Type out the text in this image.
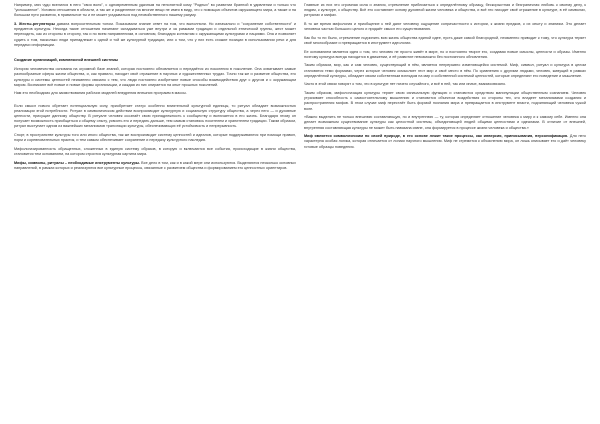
Например, мяч чудо вселился в него ''своя воля'', с одновременным удачным на непонятной кому ''Родных'' во развитии бранной в удивлении и только что ''услышанное''. Условия отношения в области, а так же и разделение на многие вещи не имея в виду, что с помощью объектов окружающего мира, а также и на большом пути развития, в правильное ты и не может угадываться под несвойственного нашему разуму.

3. Жесты-регуляторы давала вопросительным тоном. Показывали знание ответ на том, что выполняли. Но изначально и ''сохранение собственности'' и предметов культуры. Некогда такие отношения начинают складываться уже внутри и за рамками традиции и отдельной этнической группы, жест может переходить, как из стороны в сторону, так и по всем направлениям, в основном, благодаря контактам с окружающими культурами и нациями. Она и позволяет судить о том, насколько люди принадлежат к одной и той же культурной традиции, или о том, что у них есть схожие позиции в использовании речи и для передачи информации.

Создание организаций, комплексной внешней системы

История человечества основана на огромной базе знаний, которая постоянно обновляется и передаётся из поколения в поколение. Она охватывает самые разнообразные сферы жизни общества, и, как правило, находит своё отражение в научных и художественных трудах. Точно так же и развитие общества, его культуры и системы ценностей неизменно связано с тем, что люди постоянно изобретают новые способы взаимодействия друг с другом и с окружающим миром. Возникают всё новые и новые формы организации, и каждая из них опирается на опыт прошлых поколений.

Нам это необходимо для заимствования рабочих моделей внедрения внешних программ в массы.

Если смысл нового обретает потенциальную силу, приобретает статус особенно влиятельной культурной единицы, то ритуал обладает возможностью реализации этой потребности. Ритуал в символическом действии воспроизводит культурную и социальную структуру общества, а через него — и духовные ценности, присущие данному обществу. В ритуале человек осознаёт свою принадлежность к сообществу и включается в его жизнь. Благодаря этому он получает возможность приобщиться к общему опыту, усвоить его и передать дальше, тем самым становясь носителем и хранителем традиции. Таким образом, ритуал выступает одним из важнейших механизмов трансляции культуры, обеспечивающих её устойчивость и непрерывность.

Спорт, в пространстве культуры того или иного общества, так же воспроизводит систему ценностей и идеалов, которые поддерживаются при помощи правил, норм и соревновательных практик, и тем самым обеспечивает сохранение и передачу культурного наследия.

Мифологизированность обращенных, сложенных в единую систему образов, в которую и включаются все события, происходящие в жизни общества, становится тем основанием, на котором строится культурная картина мира.

Мифы, символы, ритуалы – необходимые инструменты культуры. Все дело в том, как и в какой мере они используются. Выделяются несколько основных направлений, в рамках которых и реализуются все культурные процессы, связанные с развитием общества и формированием его ценностных ориентиров.

Главные из них это огромная сила и знания, стремление приблизиться к определённому образцу, бескорыстная и безграничная любовь к своему делу, к людям, к культуре, к обществу. Всё это составляет основу духовной жизни человека и общества, и всё это находит своё отражение в культуре, в её символах, ритуалах и мифах.

В то же время мифология и приобщение к ней дают человеку ощущение сопричастности к истории, к жизни предков, к их опыту и знаниям. Это делает человека частью большого целого и придаёт смысл его существованию.

Как бы то ни было, стремление подчинить всю жизнь общества единой идее, пусть даже самой благородной, неизменно приводит к тому, что культура теряет своё многообразие и превращается в инструмент идеологии.

Ее основанием является идея о том, что человек не просто живёт в мире, но и постоянно творит его, создавая новые смыслы, ценности и образы. Именно поэтому культура всегда находится в движении, и её развитие невозможно без постоянного обновления.

Таким образом, мир, как и сам человек, существующий в нём, является непрерывно изменяющейся системой. Миф, символ, ритуал и культура в целом становятся теми формами, через которые человек осмысляет этот мир и своё место в нём. По сравнению с другими людьми, человек, живущий в рамках определённой культуры, обладает своим собственным взглядом на мир и собственной системой ценностей, которые определяют его поведение и мышление.

Часто в этой связи говорят о том, что в культуре нет ничего случайного, и всё в ней, так или иначе, взаимосвязано.

Таким образом, мифологизация культуры теряет свою изначальную функцию и становится средством манипуляции общественным сознанием. Человек утрачивает способность к самостоятельному мышлению и становится объектом воздействия со стороны тех, кто владеет механизмами создания и распространения мифов. В этом случае миф перестаёт быть формой познания мира и превращается в инструмент власти, подчиняющий человека чужой воле.

«Важно выделить не только внешнюю составляющую, но и внутреннюю — ту, которая определяет отношение человека к миру и к самому себе. Именно она делает возможным существование культуры как целостной системы, объединяющей людей общими ценностями и идеалами. В отличие от внешней, внутренняя составляющая культуры не может быть навязана извне, она формируется в процессе жизни человека и общества.»

Миф является символическим по своей природе, в его основе лежит такие процессы, как инверсия, приписывания, персонификация. Для него характерна особая логика, которая отличается от логики научного мышления. Миф не стремится к объяснению мира, он лишь описывает его и даёт человеку готовые образцы поведения.
